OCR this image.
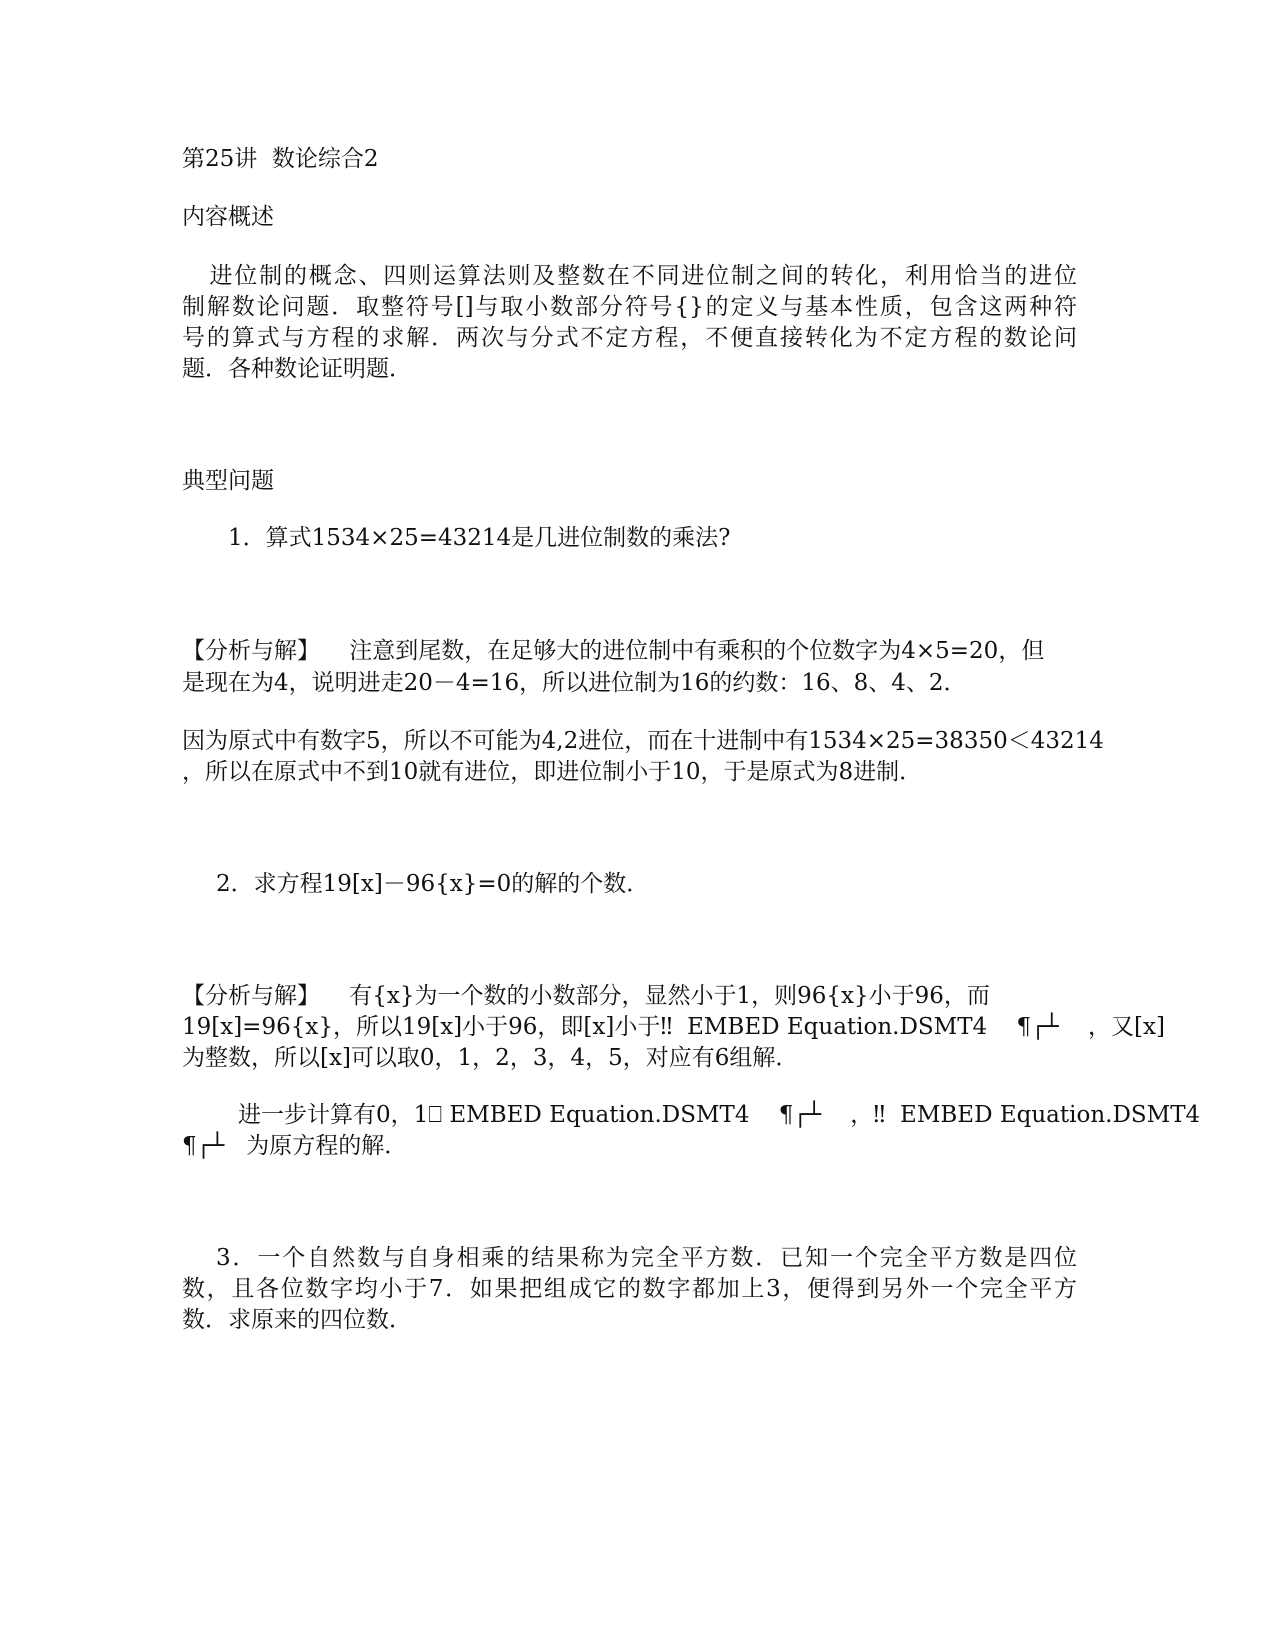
第25讲  数论综合2
内容概述
进位制的概念、四则运算法则及整数在不同进位制之间的转化，利用恰当的进位
制解数论问题．取整符号[]与取小数部分符号{}的定义与基本性质，包含这两种符
号的算式与方程的求解．两次与分式不定方程，不便直接转化为不定方程的数论问
题．各种数论证明题．
典型问题
1．算式1534×25=43214是几进位制数的乘法?
【分析与解】    注意到尾数，在足够大的进位制中有乘积的个位数字为4×5=20，但
是现在为4，说明进走20－4=16，所以进位制为16的约数：16、8、4、2．
因为原式中有数字5，所以不可能为4,2进位，而在十进制中有1534×25=38350＜43214
，所以在原式中不到10就有进位，即进位制小于10，于是原式为8进制．
2．求方程19[x]－96{x}=0的解的个数．
【分析与解】    有{x}为一个数的小数部分，显然小于1，则96{x}小于96，而
19[x]=96{x}，所以19[x]小于96，即[x]小于‼  EMBED Equation.DSMT4    ¶┌┴    ，又[x]
为整数，所以[x]可以取0，1，2，3，4，5，对应有6组解．
进一步计算有0，1⎕ EMBED Equation.DSMT4    ¶┌┴    ，‼  EMBED Equation.DSMT4
¶┌┴   为原方程的解．
3．一个自然数与自身相乘的结果称为完全平方数．已知一个完全平方数是四位
数，且各位数字均小于7．如果把组成它的数字都加上3，便得到另外一个完全平方
数．求原来的四位数．
